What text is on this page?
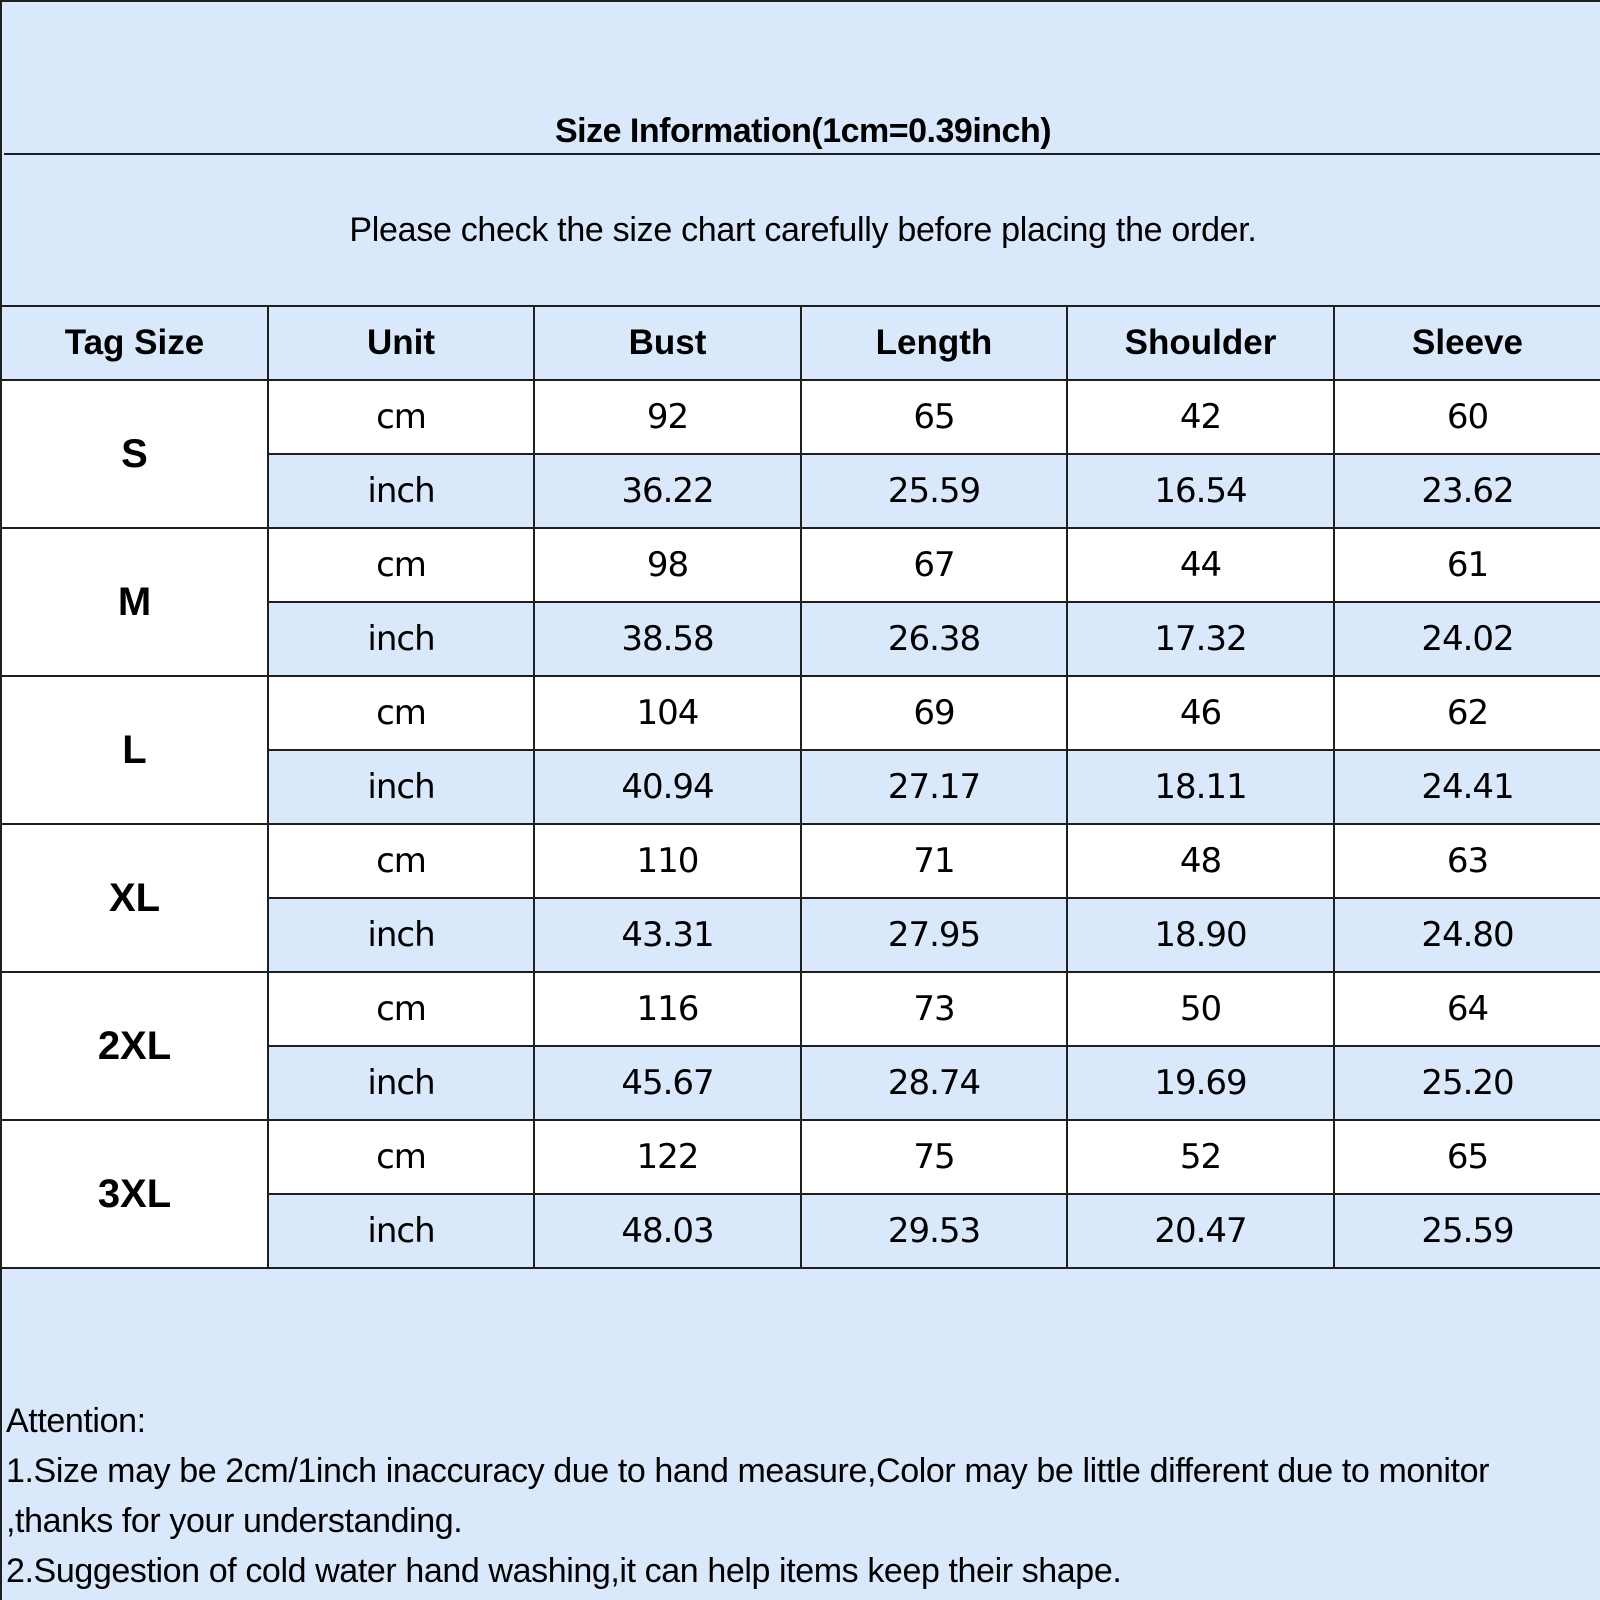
Size Information(1cm=0.39inch)
Please check the size chart carefully before placing the order.
Tag Size	Unit	Bust	Length	Shoulder	Sleeve
S	cm	92	65	42	60
	inch	36.22	25.59	16.54	23.62
M	cm	98	67	44	61
	inch	38.58	26.38	17.32	24.02
L	cm	104	69	46	62
	inch	40.94	27.17	18.11	24.41
XL	cm	110	71	48	63
	inch	43.31	27.95	18.90	24.80
2XL	cm	116	73	50	64
	inch	45.67	28.74	19.69	25.20
3XL	cm	122	75	52	65
	inch	48.03	29.53	20.47	25.59
Attention:
1.Size may be 2cm/1inch inaccuracy due to hand measure,Color may be little different due to monitor ,thanks for your understanding.
2.Suggestion of cold water hand washing,it can help items keep their shape.
